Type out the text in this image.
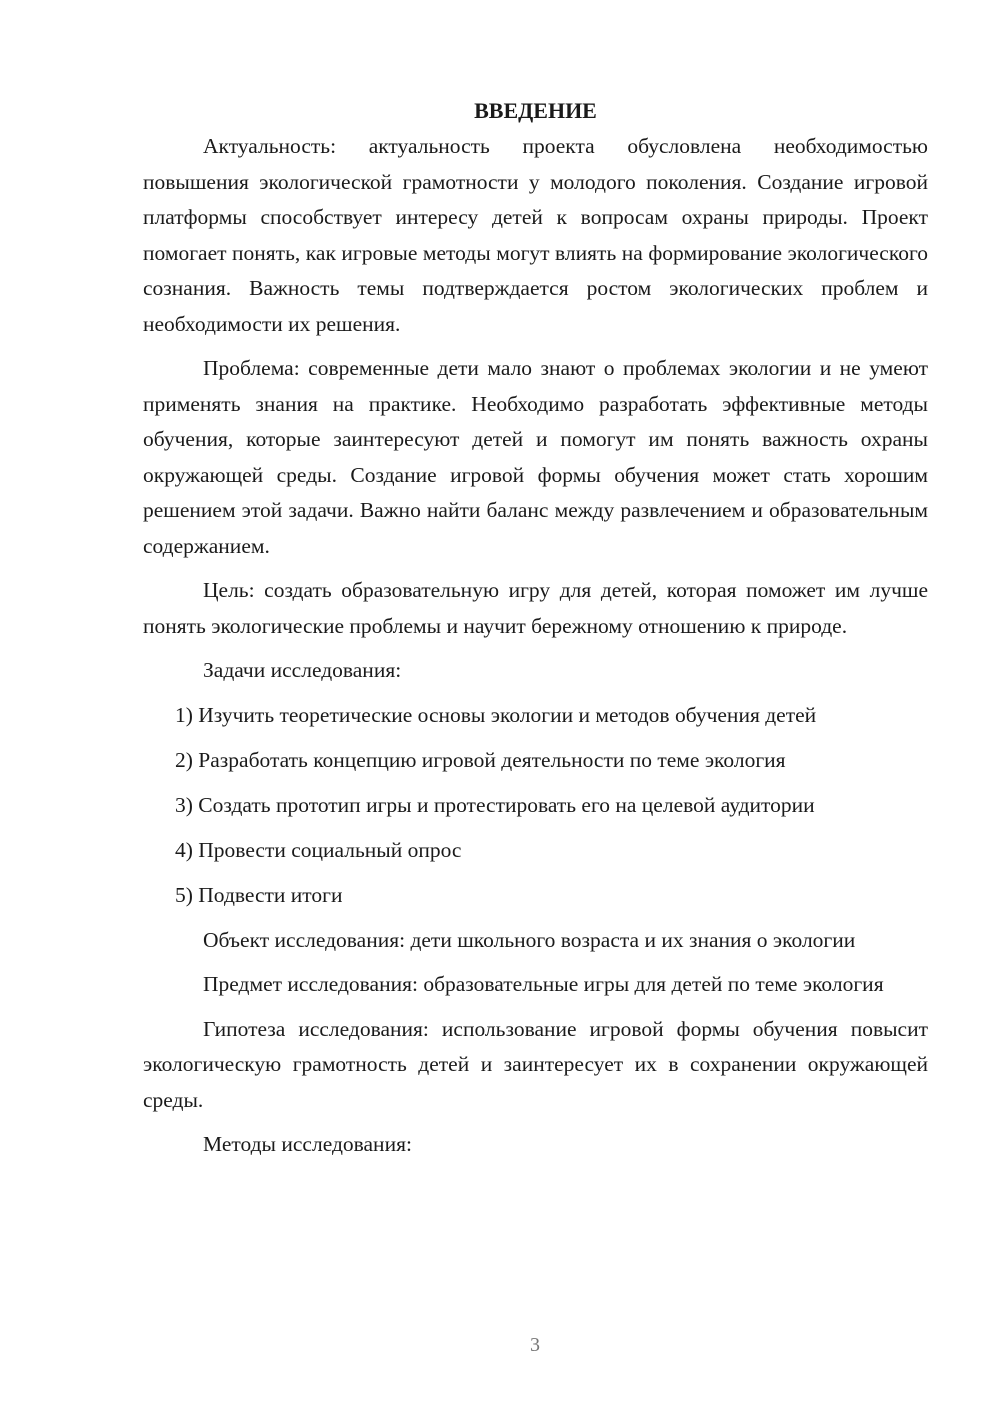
ВВЕДЕНИЕ

Актуальность: актуальность проекта обусловлена необходимостью повышения экологической грамотности у молодого поколения. Создание игровой платформы способствует интересу детей к вопросам охраны природы. Проект помогает понять, как игровые методы могут влиять на формирование экологического сознания. Важность темы подтверждается ростом экологических проблем и необходимости их решения.

Проблема: современные дети мало знают о проблемах экологии и не умеют применять знания на практике. Необходимо разработать эффективные методы обучения, которые заинтересуют детей и помогут им понять важность охраны окружающей среды. Создание игровой формы обучения может стать хорошим решением этой задачи. Важно найти баланс между развлечением и образовательным содержанием.

Цель: создать образовательную игру для детей, которая поможет им лучше понять экологические проблемы и научит бережному отношению к природе.

Задачи исследования:

1) Изучить теоретические основы экологии и методов обучения детей
2) Разработать концепцию игровой деятельности по теме экология
3) Создать прототип игры и протестировать его на целевой аудитории
4) Провести социальный опрос
5) Подвести итоги

Объект исследования: дети школьного возраста и их знания о экологии

Предмет исследования: образовательные игры для детей по теме экология

Гипотеза исследования: использование игровой формы обучения повысит экологическую грамотность детей и заинтересует их в сохранении окружающей среды.

Методы исследования:

3
